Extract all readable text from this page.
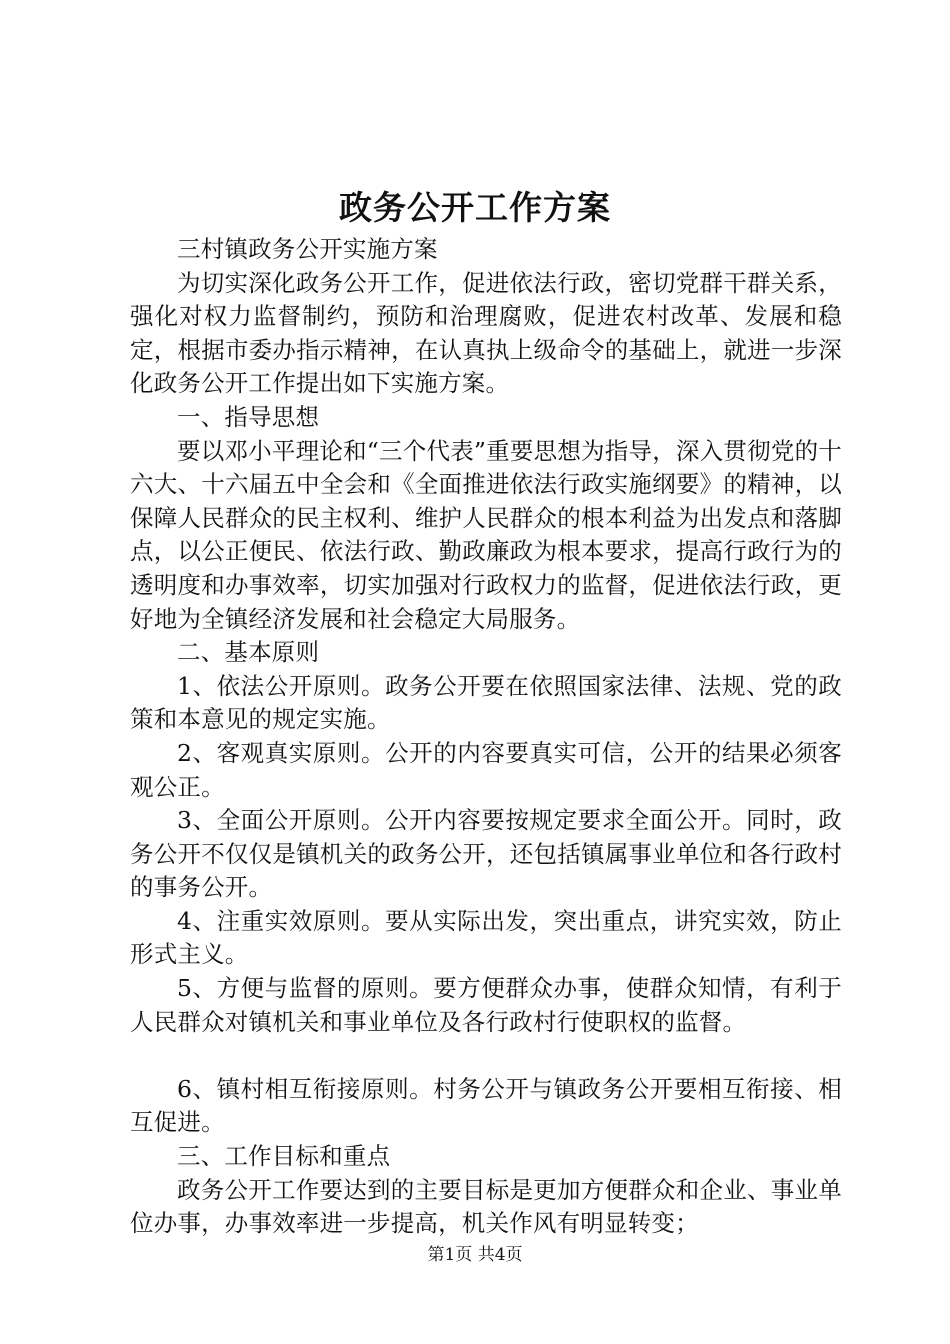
政务公开工作方案

三村镇政务公开实施方案

为切实深化政务公开工作，促进依法行政，密切党群干群关系，强化对权力监督制约，预防和治理腐败，促进农村改革、发展和稳定，根据市委办指示精神，在认真执上级命令的基础上，就进一步深化政务公开工作提出如下实施方案。

一、指导思想

要以邓小平理论和“三个代表”重要思想为指导，深入贯彻党的十六大、十六届五中全会和《全面推进依法行政实施纲要》的精神，以保障人民群众的民主权利、维护人民群众的根本利益为出发点和落脚点，以公正便民、依法行政、勤政廉政为根本要求，提高行政行为的透明度和办事效率，切实加强对行政权力的监督，促进依法行政，更好地为全镇经济发展和社会稳定大局服务。

二、基本原则

1、依法公开原则。政务公开要在依照国家法律、法规、党的政策和本意见的规定实施。

2、客观真实原则。公开的内容要真实可信，公开的结果必须客观公正。

3、全面公开原则。公开内容要按规定要求全面公开。同时，政务公开不仅仅是镇机关的政务公开，还包括镇属事业单位和各行政村的事务公开。

4、注重实效原则。要从实际出发，突出重点，讲究实效，防止形式主义。

5、方便与监督的原则。要方便群众办事，使群众知情，有利于人民群众对镇机关和事业单位及各行政村行使职权的监督。

6、镇村相互衔接原则。村务公开与镇政务公开要相互衔接、相互促进。

三、工作目标和重点

政务公开工作要达到的主要目标是更加方便群众和企业、事业单位办事，办事效率进一步提高，机关作风有明显转变；

第1页 共4页
